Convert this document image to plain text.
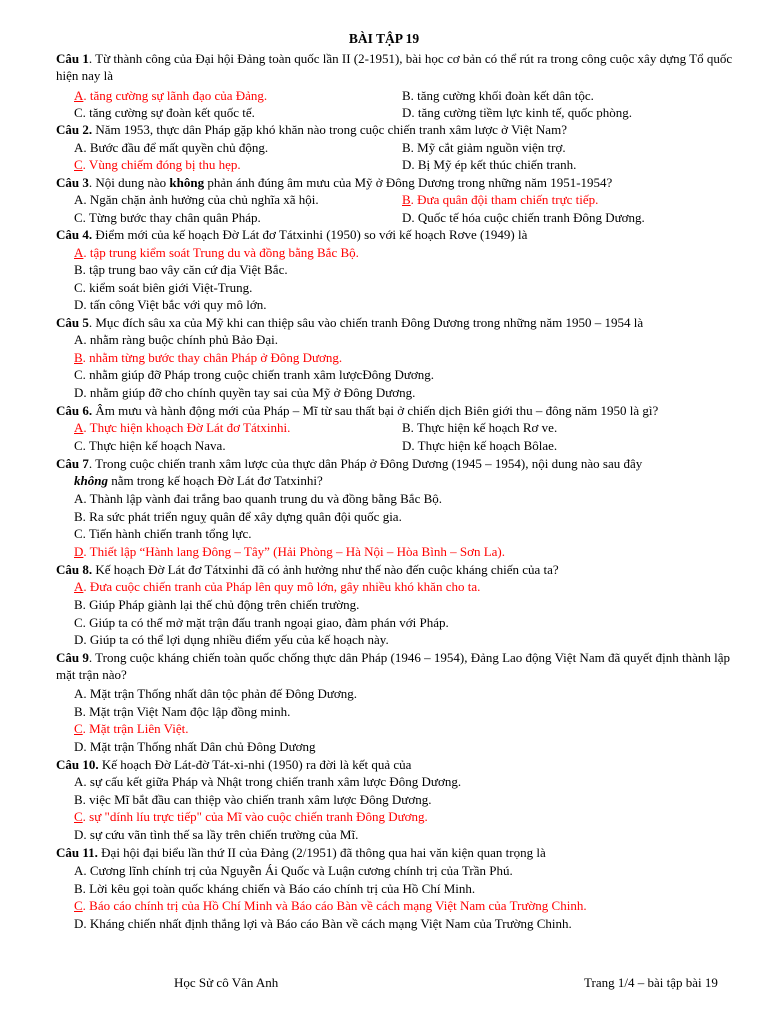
BÀI TẬP 19
Câu 1. Từ thành công của Đại hội Đảng toàn quốc lần II (2-1951), bài học cơ bản có thể rút ra trong công cuộc xây dựng Tổ quốc hiện nay là
A. tăng cường sự lãnh đạo của Đảng.	B. tăng cường khối đoàn kết dân tộc.
C. tăng cường sự đoàn kết quốc tế.	D. tăng cường tiềm lực kinh tế, quốc phòng.
Câu 2. Năm 1953, thực dân Pháp gặp khó khăn nào trong cuộc chiến tranh xâm lược ở Việt Nam?
A. Bước đầu để mất quyền chủ động.	B. Mỹ cắt giảm nguồn viện trợ.
C. Vùng chiếm đóng bị thu hẹp.	D. Bị Mỹ ép kết thúc chiến tranh.
Câu 3. Nội dung nào không phản ánh đúng âm mưu của Mỹ ở Đông Dương trong những năm 1951-1954?
A. Ngăn chặn ảnh hưởng của chủ nghĩa xã hội.	B. Đưa quân đội tham chiến trực tiếp.
C. Từng bước thay chân quân Pháp.	D. Quốc tế hóa cuộc chiến tranh Đông Dương.
Câu 4. Điểm mới của kế hoạch Đờ Lát đơ Tátxinhi (1950) so với kế hoạch Rơve (1949) là
A. tập trung kiểm soát Trung du và đồng bằng Bắc Bộ.
B. tập trung bao vây căn cứ địa Việt Bắc.
C. kiểm soát biên giới Việt-Trung.
D. tấn công Việt bắc với quy mô lớn.
Câu 5. Mục đích sâu xa của Mỹ khi can thiệp sâu vào chiến tranh Đông Dương trong những năm 1950 – 1954 là
A. nhằm ràng buộc chính phủ Bảo Đại.
B. nhằm từng bước thay chân Pháp ở Đông Dương.
C. nhằm giúp đỡ Pháp trong cuộc chiến tranh xâm lượcĐông Dương.
D. nhằm giúp đỡ cho chính quyền tay sai của Mỹ ở Đông Dương.
Câu 6. Âm mưu và hành động mới của Pháp – Mĩ từ sau thất bại ở chiến dịch Biên giới thu – đông năm 1950 là gì?
A. Thực hiện khoạch Đờ Lát đơ Tátxinhi.	B. Thực hiện kế hoạch Rơ ve.
C. Thực hiện kế hoạch Nava.	D. Thực hiện kế hoạch Bôlae.
Câu 7. Trong cuộc chiến tranh xâm lược của thực dân Pháp ở Đông Dương (1945 – 1954), nội dung nào sau đây
không nằm trong kế hoạch Đờ Lát đơ Tatxinhi?
A. Thành lập vành đai trắng bao quanh trung du và đồng bằng Bắc Bộ.
B. Ra sức phát triển nguỵ quân để xây dựng quân đội quốc gia.
C. Tiến hành chiến tranh tổng lực.
D. Thiết lập “Hành lang Đông – Tây” (Hải Phòng – Hà Nội – Hòa Bình – Sơn La).
Câu 8. Kế hoạch Đờ Lát đơ Tátxinhi đã có ảnh hưởng như thế nào đến cuộc kháng chiến của ta?
A. Đưa cuộc chiến tranh của Pháp lên quy mô lớn, gây nhiều khó khăn cho ta.
B. Giúp Pháp giành lại thế chủ động trên chiến trường.
C. Giúp ta có thế mở mặt trận đấu tranh ngoại giao, đàm phán với Pháp.
D. Giúp ta có thể lợi dụng nhiều điểm yếu của kế hoạch này.
Câu 9. Trong cuộc kháng chiến toàn quốc chống thực dân Pháp (1946 – 1954), Đảng Lao động Việt Nam đã quyết định thành lập mặt trận nào?
A. Mặt trận Thống nhất dân tộc phản đế Đông Dương.
B. Mặt trận Việt Nam độc lập đồng minh.
C. Mặt trận Liên Việt.
D. Mặt trận Thống nhất Dân chủ Đông Dương
Câu 10. Kế hoạch Đờ Lát-đờ Tát-xi-nhi (1950) ra đời là kết quả của
A. sự cấu kết giữa Pháp và Nhật trong chiến tranh xâm lược Đông Dương.
B. việc Mĩ bắt đầu can thiệp vào chiến tranh xâm lược Đông Dương.
C. sự "dính líu trực tiếp" của Mĩ vào cuộc chiến tranh Đông Dương.
D. sự cứu vãn tình thế sa lầy trên chiến trường của Mĩ.
Câu 11. Đại hội đại biểu lần thứ II của Đảng (2/1951) đã thông qua hai văn kiện quan trọng là
A. Cương lĩnh chính trị của Nguyễn Ái Quốc và Luận cương chính trị của Trần Phú.
B. Lời kêu gọi toàn quốc kháng chiến và Báo cáo chính trị của Hồ Chí Minh.
C. Báo cáo chính trị của Hồ Chí Minh và Báo cáo Bàn về cách mạng Việt Nam của Trường Chinh.
D. Kháng chiến nhất định thắng lợi và Báo cáo Bàn về cách mạng Việt Nam của Trường Chinh.
Học Sử cô Vân Anh	Trang 1/4 – bài tập bài 19
